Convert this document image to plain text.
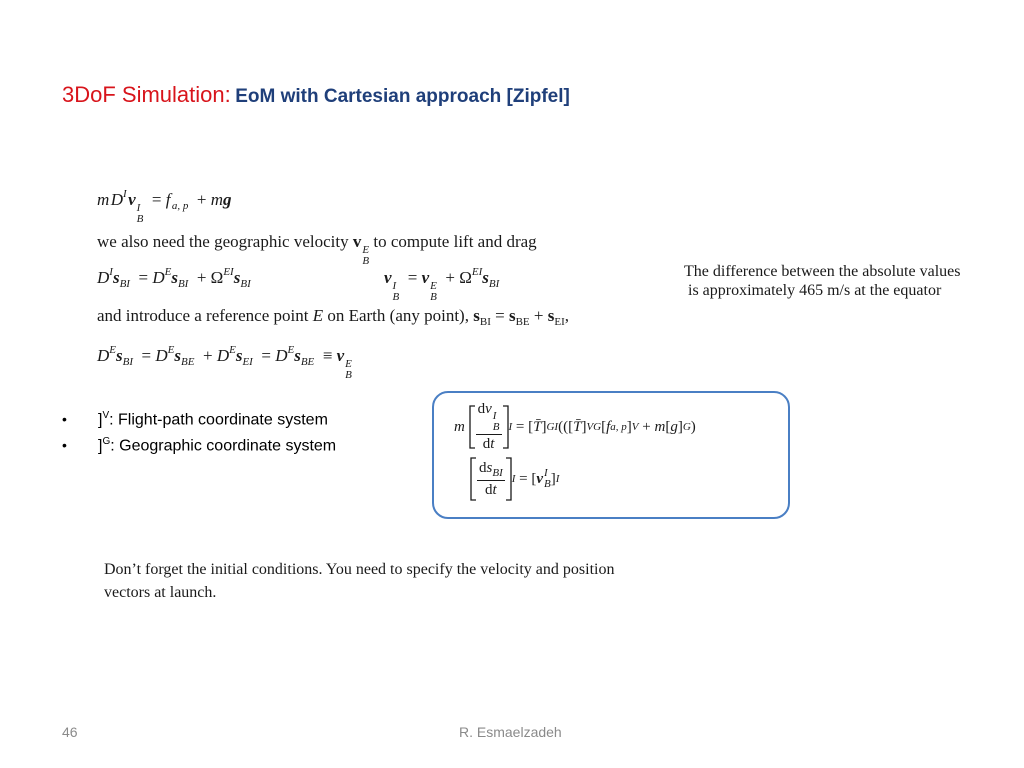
3DoF Simulation: EoM with Cartesian approach [Zipfel]
m $D^I$ v I
B
= f $_{a, p}$  + mg
we also need the geographic velocity v E
B
to compute lift and drag
$D^Is_{BI} = D^Es_{BI} + \Omega^{EI}s_{BI}$	v I
B
= v E
B
+ $\Omega^{EI}s_{BI}$
and introduce a reference point E on Earth (any point), $s_{BI} = s_{BE} + s_{EI}$,
$D^Es_{BI} = D^Es_{BE} + D^Es_{EI} = D^Es_{BE} \equiv v$ E
B
The difference between the absolute values
is approximately 465 m/s at the equator
•	]$^V$: Flight-path coordinate system
•	]$^G$: Geographic coordinate system
m
dv I
B
dt I = [ T̄ ] GI (([ T̄ ] VG [ f a, p ] V + m [ g ] G )
$\frac{ds_{BI}}{dt}$ I = [ v I
B ] I
Don’t forget the initial conditions. You need to specify the velocity and position
vectors at launch.
46	R. Esmaelzadeh
